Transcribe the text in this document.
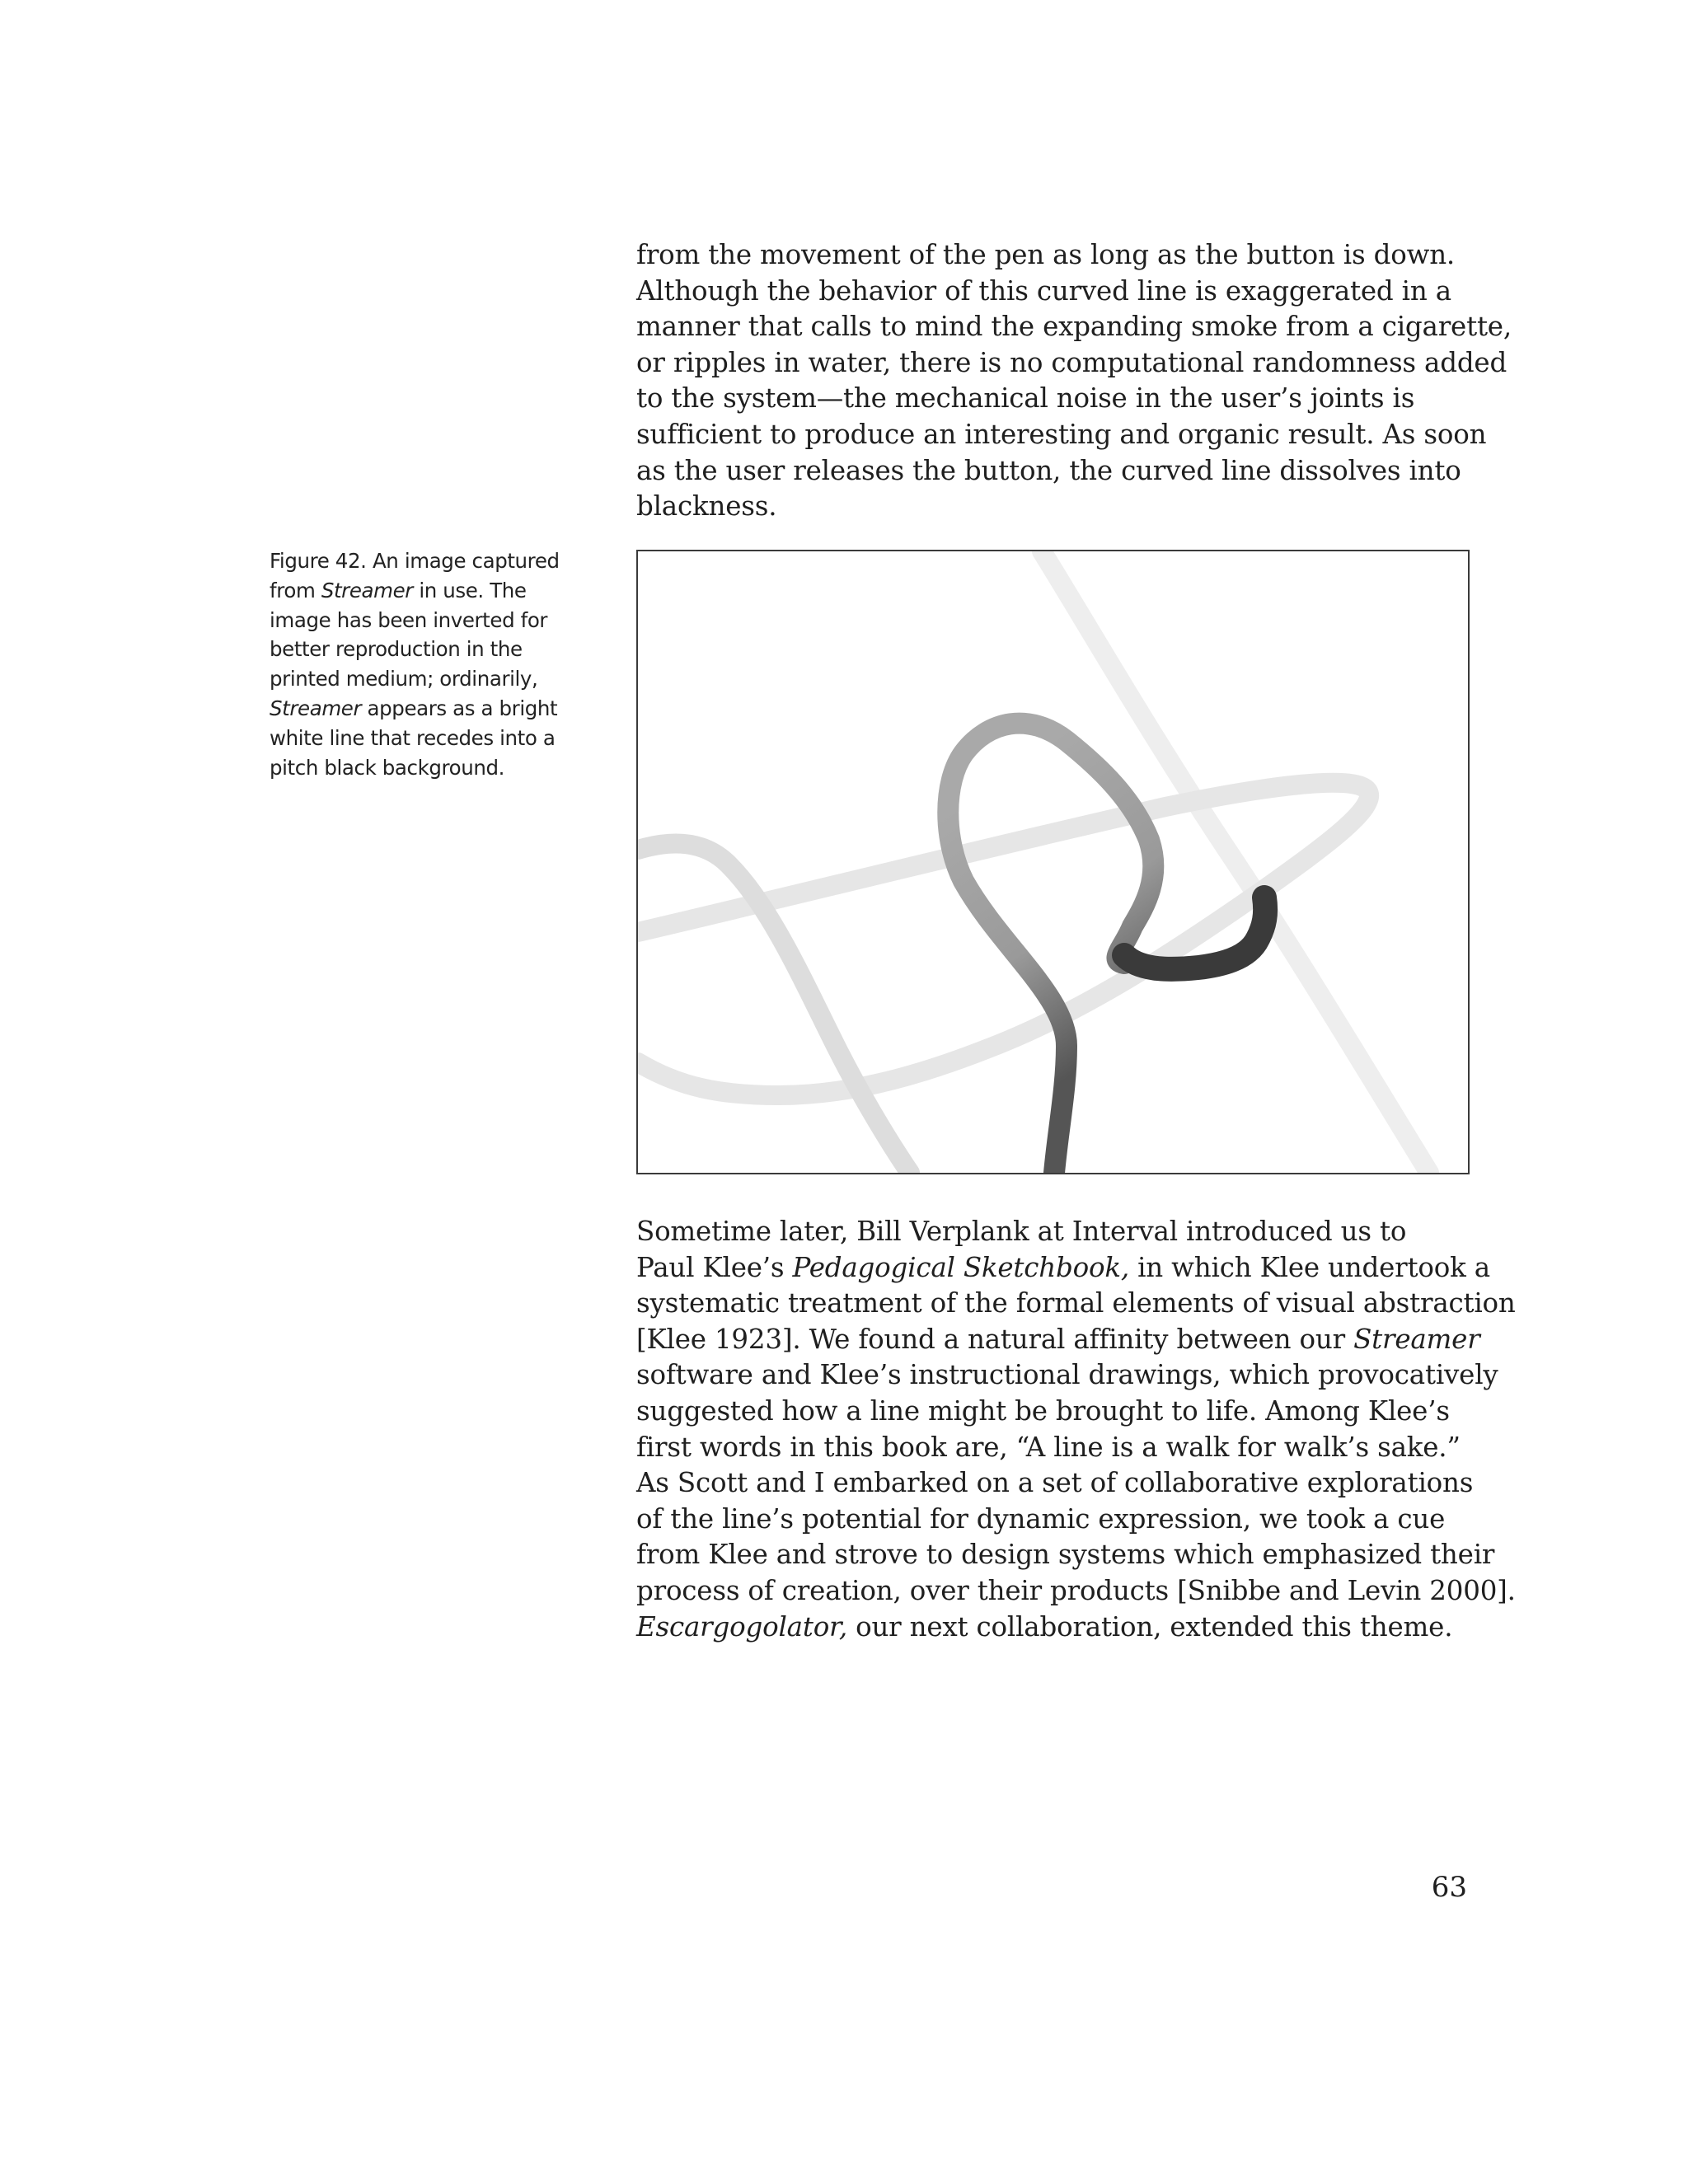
from the movement of the pen as long as the button is down.
Although the behavior of this curved line is exaggerated in a
manner that calls to mind the expanding smoke from a cigarette,
or ripples in water, there is no computational randomness added
to the system—the mechanical noise in the user’s joints is
sufficient to produce an interesting and organic result. As soon
as the user releases the button, the curved line dissolves into
blackness.
Figure 42. An image captured
from Streamer in use. The
image has been inverted for
better reproduction in the
printed medium; ordinarily,
Streamer appears as a bright
white line that recedes into a
pitch black background.
Sometime later, Bill Verplank at Interval introduced us to
Paul Klee’s Pedagogical Sketchbook, in which Klee undertook a
systematic treatment of the formal elements of visual abstraction
[Klee 1923]. We found a natural affinity between our Streamer
software and Klee’s instructional drawings, which provocatively
suggested how a line might be brought to life. Among Klee’s
first words in this book are, “A line is a walk for walk’s sake.”
As Scott and I embarked on a set of collaborative explorations
of the line’s potential for dynamic expression, we took a cue
from Klee and strove to design systems which emphasized their
process of creation, over their products [Snibbe and Levin 2000].
Escargogolator, our next collaboration, extended this theme.
63
